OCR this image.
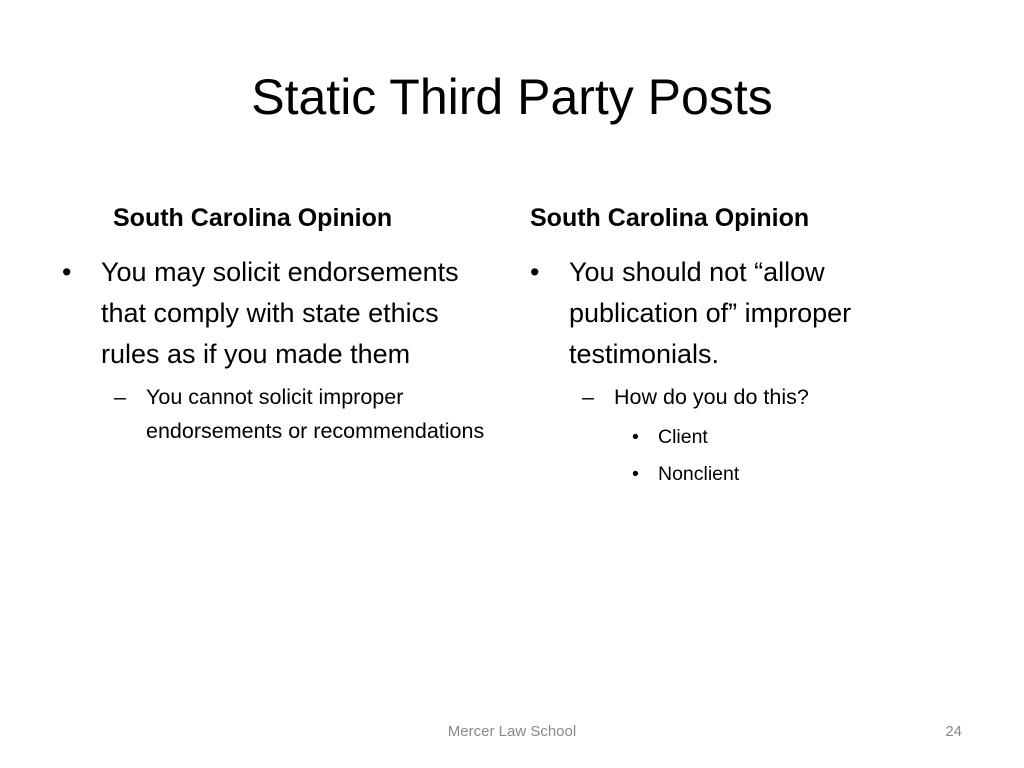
Static Third Party Posts
South Carolina Opinion	South Carolina Opinion
• You may solicit endorsements that comply with state ethics rules as if you made them
– You cannot solicit improper endorsements or recommendations
• You should not “allow publication of” improper testimonials.
– How do you do this?
• Client
• Nonclient
Mercer Law School	24
